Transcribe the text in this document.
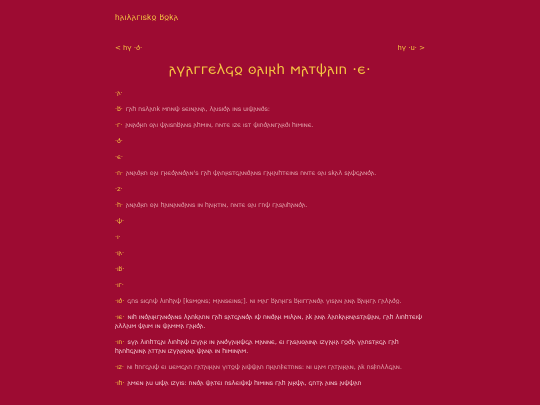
𐌷𐌰𐌹𐌻𐌰𐌲𐌹𐍃𐌺𐍉 𐌱𐍉𐌺𐌰
< 𐌷𐍅 ·𐌳·	𐌷𐍅 ·𐌵· >
𐌰𐍅𐌰𐌲𐌲𐌴𐌻𐌾𐍉 𐍈𐌰𐌹𐍂𐌷 𐌼𐌰𐍄𐌸𐌰𐌹𐌿 ·𐌴·
·𐌰·
·𐌱· 𐌲𐌰𐌷 𐌿𐍃𐌻𐌰𐌿𐌺 𐌼𐌿𐌽𐌸 𐍃𐌴𐌹𐌽𐌰𐌽𐌰, 𐌻𐌰𐌹𐍃𐌹𐌳𐌰 𐌹𐌽𐍃 𐌵𐌹𐌸𐌰𐌽𐌳𐍃:
·𐌲· 𐌰𐌽𐌰𐌳𐍂𐌿 𐍈𐌰𐌹 𐌸𐌰𐌹𐍃𐌿𐌱𐌰𐌽𐍃 𐌰𐌷𐌼𐌹𐌽, 𐌿𐌽𐍄𐌴 𐌹𐌶𐌴 𐌹𐍃𐍄 𐌸𐌹𐌿𐌳𐌰𐌽𐌲𐌰𐍂𐌳𐌹 𐌷𐌹𐌼𐌹𐌽𐌴.
·𐌳·
·𐌴·
·𐌿· 𐌰𐌽𐌰𐌳𐍂𐌿 𐍈𐌰𐌹 𐌲𐍂𐌴𐌳𐌰𐌽𐌳𐌰𐌽'𐍃 𐌲𐌰𐌷 𐌸𐌰𐌿𐍂𐍃𐍄𐌾𐌰𐌽𐌳𐌰𐌽𐍃 𐌲𐌰𐍂𐌰𐌹𐌷𐍄𐌴𐌹𐌽𐍃 𐌿𐌽𐍄𐌴 𐍈𐌰𐌹 𐍃𐌺𐌰𐌻 𐍃𐌰𐌸𐌾𐌰𐌽𐌳𐌰.
·𐌶·
·𐌷· 𐌰𐌽𐌰𐌳𐍂𐌿 𐍈𐌰𐌹 𐌷𐌰𐌹𐌽𐌰𐌽𐌳𐌰𐌽𐍃 𐌹𐌽 𐌷𐌰𐌹𐍂𐍄𐌹𐌽, 𐌿𐌽𐍄𐌴 𐍈𐌰𐌹 𐌲𐌿𐌸 𐌲𐌰𐍃𐌰𐌹𐌷𐌰𐌽𐌳𐌰.
·𐌸·
·𐌹·
·𐌹𐌰·
·𐌹𐌱·
·𐌹𐌲·
·𐌹𐌳· 𐌾𐌿𐍃 𐍃𐌹𐌾𐌿𐌸 𐌻𐌹𐌿𐌷𐌰𐌸 [𐌺𐍃𐌼𐍉𐌽𐍃; 𐌼𐌰𐌽𐍃𐌴𐌹𐌽𐍃;]. 𐌽𐌹 𐌼𐌰𐌲 𐌱𐌰𐌿𐍂𐌲𐍃 𐌱𐍂𐌹𐌲𐌲𐌰𐌽𐌳𐌰 𐍅𐌹𐍃𐌰𐌽 𐌰𐌽𐌰 𐌱𐌰𐌹𐍂𐌲𐌰 𐌲𐌰𐌻𐌰𐌳𐍉.
·𐌹𐌴· 𐌽𐌹𐌷 𐌹𐌽𐌳𐌰𐌹𐍂𐌲𐌰𐌽𐌳𐌰𐌽𐍃 𐌻𐌰𐌿𐌺𐌰𐌿𐌽 𐌲𐌰𐌷 𐍃𐌰𐍄𐌾𐌰𐌽𐌳𐌰 𐌹𐌸 𐌿𐌽𐌳𐌰𐍂 𐌼𐌹𐌻𐌰𐌽, 𐌰𐌺 𐌰𐌽𐌰 𐌻𐌰𐌿𐌺𐌰𐍂𐌽𐌰𐍃𐍄𐌰𐌸𐌰𐌽, 𐌲𐌰𐌷 𐌻𐌹𐌿𐌷𐍄𐌴𐌹𐌸 𐌰𐌻𐌻𐌰𐌹𐌼 𐌸𐌰𐌹𐌼 𐌹𐌽 𐌸𐌰𐌼𐌼𐌰 𐌲𐌰𐍂𐌳𐌰.
·𐌹𐌿· 𐍃𐍅𐌰 𐌻𐌹𐌿𐌷𐍄𐌾𐌰𐌹 𐌻𐌹𐌿𐌷𐌰𐌸 𐌹𐌶𐍅𐌰𐍂 𐌹𐌽 𐌰𐌽𐌳𐍅𐌰𐌹𐍂𐌸𐌾𐌰 𐌼𐌰𐌽𐌽𐌴, 𐌴𐌹 𐌲𐌰𐍃𐌰𐌹𐍈𐌰𐌹𐌽𐌰 𐌹𐌶𐍅𐌰𐍂𐌰 𐌲𐍉𐌳𐌰 𐍅𐌰𐌿𐍃𐍄𐍂𐌾𐌰 𐌲𐌰𐌷 𐌷𐌰𐌿𐌷𐌾𐌰𐌹𐌽𐌰 𐌰𐍄𐍄𐌰𐌽 𐌹𐌶𐍅𐌰𐍂𐌰𐌽𐌰 𐌸𐌰𐌽𐌰 𐌹𐌽 𐌷𐌹𐌼𐌹𐌽𐌰𐌼.
·𐌹𐌶· 𐌽𐌹 𐌷𐌿𐌲𐌾𐌰𐌹𐌸 𐌴𐌹 𐌵𐌴𐌼𐌾𐌰𐌿 𐌲𐌰𐍄𐌰𐌹𐍂𐌰𐌽 𐍅𐌹𐍄𐍉𐌸 𐌰𐌹𐌸𐌸𐌰𐌿 𐍀𐍂𐌰𐌿𐍆𐌴𐍄𐌿𐌽𐍃: 𐌽𐌹 𐌵𐌰𐌼 𐌲𐌰𐍄𐌰𐌹𐍂𐌰𐌽, 𐌰𐌺 𐌿𐍃𐍆𐌿𐌻𐌻𐌾𐌰𐌽.
·𐌹𐌷· 𐌰𐌼𐌴𐌽 𐌰𐌵 𐌵𐌹𐌸𐌰 𐌹𐌶𐍅𐌹𐍃: 𐌿𐌽𐌳𐌰 𐌸𐌰𐍄𐌴𐌹 𐌿𐍃𐌻𐌴𐌹𐌸𐌹𐌸 𐌷𐌹𐌼𐌹𐌽𐍃 𐌲𐌰𐌷 𐌰𐌹𐍂𐌸𐌰, 𐌾𐌿𐍄𐌰 𐌰𐌹𐌽𐍃 𐌰𐌹𐌸𐌸𐌰𐌿
